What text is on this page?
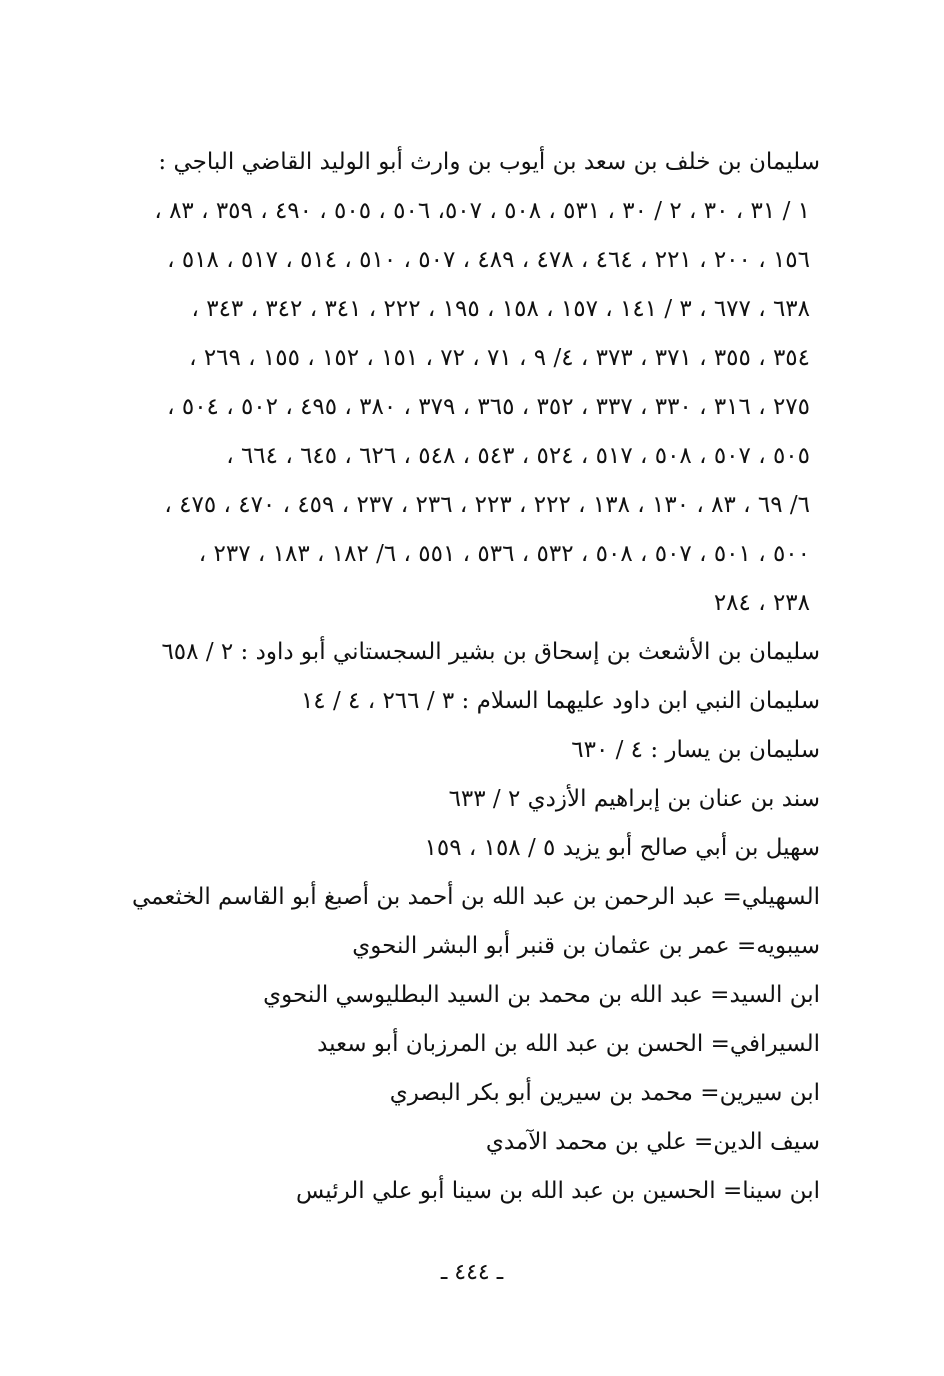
سليمان بن خلف بن سعد بن أيوب بن وارث أبو الوليد القاضي الباجي :
١ / ٣١ ، ٣٠ ، ٢ / ٣٠ ، ٥٣١ ، ٥٠٨ ، ٥٠٧، ٥٠٦ ، ٥٠٥ ، ٤٩٠ ، ٣٥٩ ، ٨٣ ،
١٥٦ ، ٢٠٠ ، ٢٢١ ، ٤٦٤ ، ٤٧٨ ، ٤٨٩ ، ٥٠٧ ، ٥١٠ ، ٥١٤ ، ٥١٧ ، ٥١٨ ،
٦٣٨ ، ٦٧٧ ، ٣ / ١٤١ ، ١٥٧ ، ١٥٨ ، ١٩٥ ، ٢٢٢ ، ٣٤١ ، ٣٤٢ ، ٣٤٣ ،
٣٥٤ ، ٣٥٥ ، ٣٧١ ، ٣٧٣ ، ٤/ ٩ ، ٧١ ، ٧٢ ، ١٥١ ، ١٥٢ ، ١٥٥ ، ٢٦٩ ،
٢٧٥ ، ٣١٦ ، ٣٣٠ ، ٣٣٧ ، ٣٥٢ ، ٣٦٥ ، ٣٧٩ ، ٣٨٠ ، ٤٩٥ ، ٥٠٢ ، ٥٠٤ ،
٥٠٥ ، ٥٠٧ ، ٥٠٨ ، ٥١٧ ، ٥٢٤ ، ٥٤٣ ، ٥٤٨ ، ٦٢٦ ، ٦٤٥ ، ٦٦٤ ،
٦/ ٦٩ ، ٨٣ ، ١٣٠ ، ١٣٨ ، ٢٢٢ ، ٢٢٣ ، ٢٣٦ ، ٢٣٧ ، ٤٥٩ ، ٤٧٠ ، ٤٧٥ ،
٥٠٠ ، ٥٠١ ، ٥٠٧ ، ٥٠٨ ، ٥٣٢ ، ٥٣٦ ، ٥٥١ ، ٦/ ١٨٢ ، ١٨٣ ، ٢٣٧ ،
٢٣٨ ، ٢٨٤
سليمان بن الأشعث بن إسحاق بن بشير السجستاني أبو داود : ٢ / ٦٥٨
سليمان النبي ابن داود عليهما السلام : ٣ / ٢٦٦ ، ٤ / ١٤
سليمان بن يسار : ٤ / ٦٣٠
سند بن عنان بن إبراهيم الأزدي ٢ / ٦٣٣
سهيل بن أبي صالح أبو يزيد ٥ / ١٥٨ ، ١٥٩
السهيلي= عبد الرحمن بن عبد الله بن أحمد بن أصبغ أبو القاسم الخثعمي
سيبويه= عمر بن عثمان بن قنبر أبو البشر النحوي
ابن السيد= عبد الله بن محمد بن السيد البطليوسي النحوي
السيرافي= الحسن بن عبد الله بن المرزبان أبو سعيد
ابن سيرين= محمد بن سيرين أبو بكر البصري
سيف الدين= علي بن محمد الآمدي
ابن سينا= الحسين بن عبد الله بن سينا أبو علي الرئيس
ـ ٤٤٤ ـ
